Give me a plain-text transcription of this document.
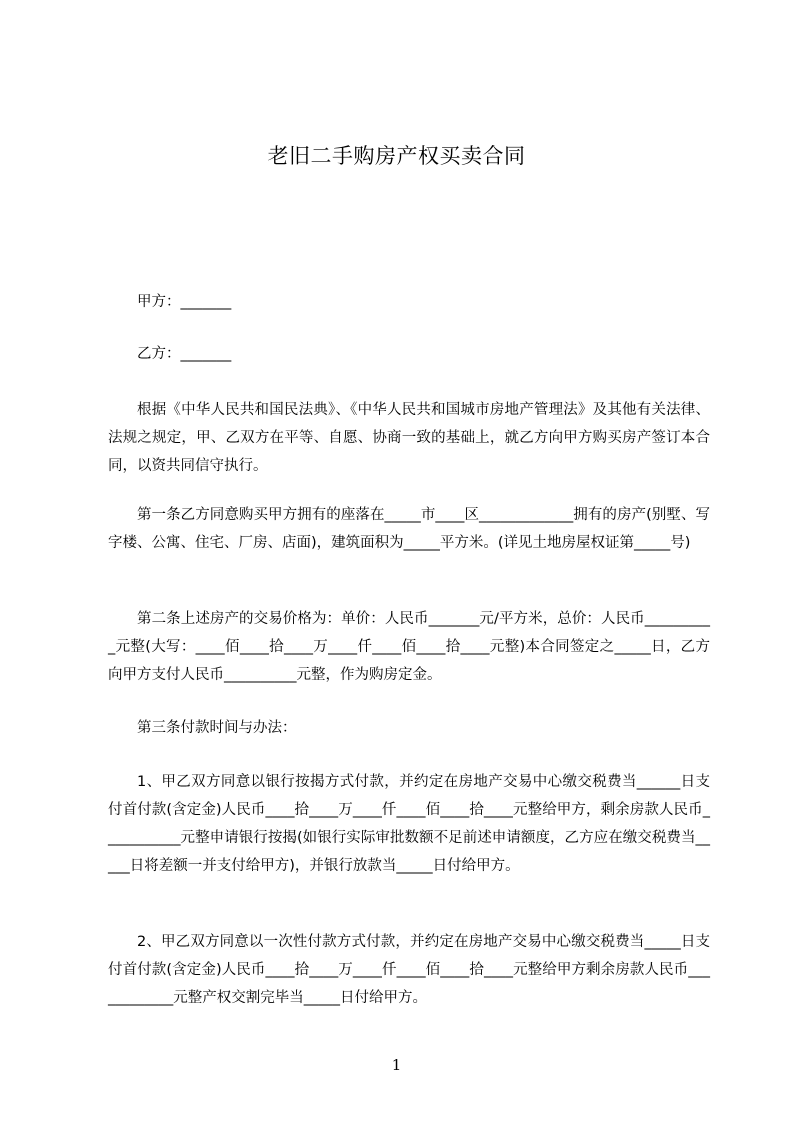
老旧二手购房产权买卖合同

甲方：_______

乙方：_______

根据《中华人民共和国民法典》、《中华人民共和国城市房地产管理法》及其他有关法律、法规之规定，甲、乙双方在平等、自愿、协商一致的基础上，就乙方向甲方购买房产签订本合同，以资共同信守执行。

第一条乙方同意购买甲方拥有的座落在_____市____区_____________拥有的房产(别墅、写字楼、公寓、住宅、厂房、店面)，建筑面积为_____平方米。(详见土地房屋权证第_____号)

第二条上述房产的交易价格为：单价：人民币_______元/平方米，总价：人民币__________元整(大写：____佰____拾____万____仟____佰____拾____元整)本合同签定之_____日，乙方向甲方支付人民币__________元整，作为购房定金。

第三条付款时间与办法：

1、甲乙双方同意以银行按揭方式付款，并约定在房地产交易中心缴交税费当______日支付首付款(含定金)人民币____拾____万____仟____佰____拾____元整给甲方，剩余房款人民币___________元整申请银行按揭(如银行实际审批数额不足前述申请额度，乙方应在缴交税费当_____日将差额一并支付给甲方)，并银行放款当_____日付给甲方。

2、甲乙双方同意以一次性付款方式付款，并约定在房地产交易中心缴交税费当_____日支付首付款(含定金)人民币____拾____万____仟____佰____拾____元整给甲方剩余房款人民币____________元整产权交割完毕当_____日付给甲方。

1
